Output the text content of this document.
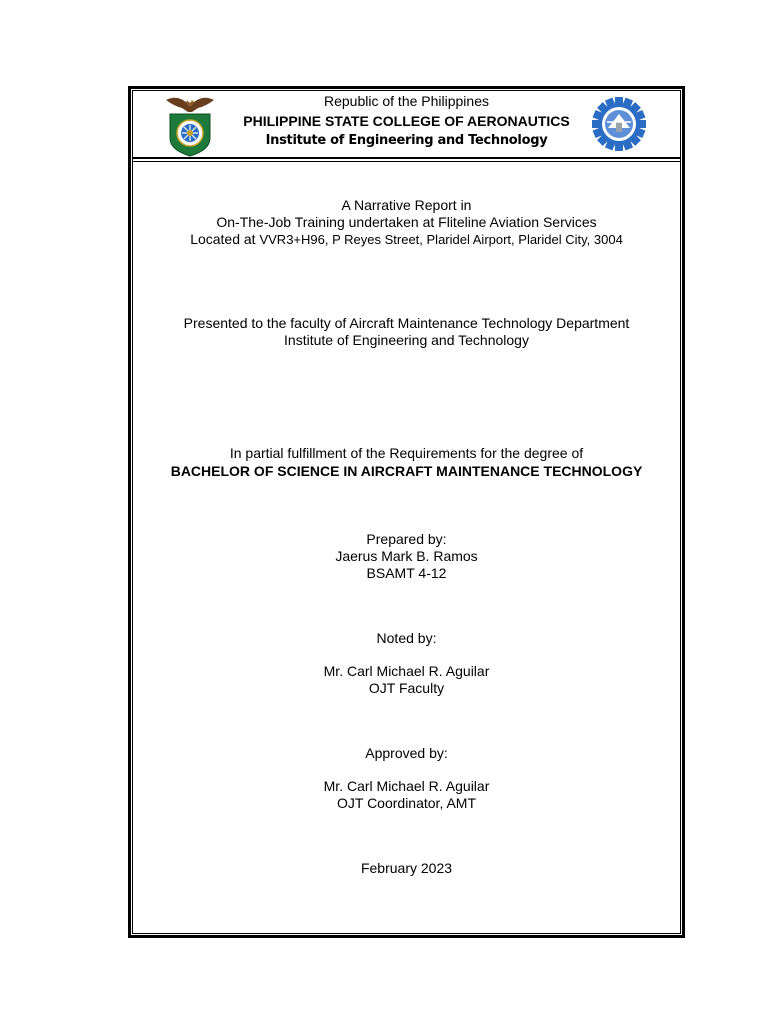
Republic of the Philippines
PHILIPPINE STATE COLLEGE OF AERONAUTICS
Institute of Engineering and Technology
A Narrative Report in
On-The-Job Training undertaken at Fliteline Aviation Services
Located at VVR3+H96, P Reyes Street, Plaridel Airport, Plaridel City, 3004
Presented to the faculty of Aircraft Maintenance Technology Department
Institute of Engineering and Technology
In partial fulfillment of the Requirements for the degree of
BACHELOR OF SCIENCE IN AIRCRAFT MAINTENANCE TECHNOLOGY
Prepared by:
Jaerus Mark B. Ramos
BSAMT 4-12
Noted by:
Mr. Carl Michael R. Aguilar
OJT Faculty
Approved by:
Mr. Carl Michael R. Aguilar
OJT Coordinator, AMT
February 2023
